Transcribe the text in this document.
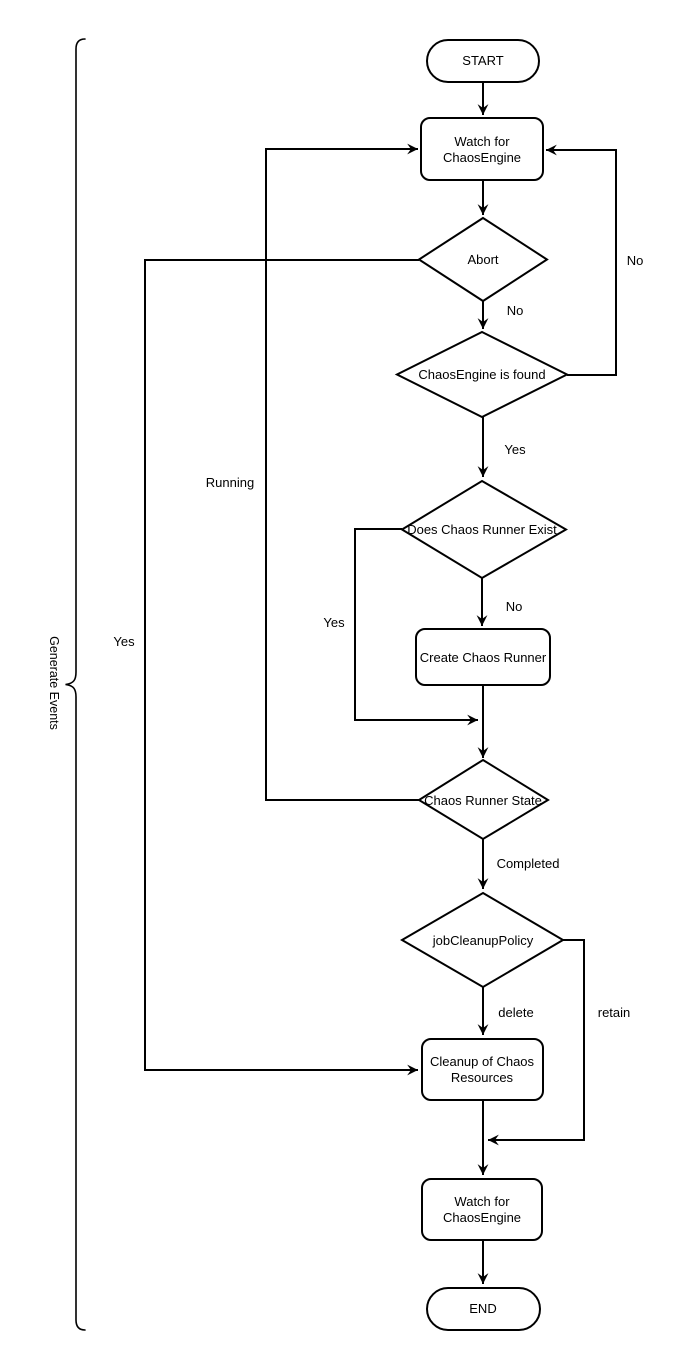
No
No
Yes
No
Yes
Running
Completed
delete	retain
Yes
START
Watch for
ChaosEngine
Abort
ChaosEngine is found
Does Chaos Runner Exist
Create Chaos Runner
Chaos Runner State
jobCleanupPolicy
Cleanup of Chaos
Resources
Watch for
ChaosEngine
END
Generate Events
